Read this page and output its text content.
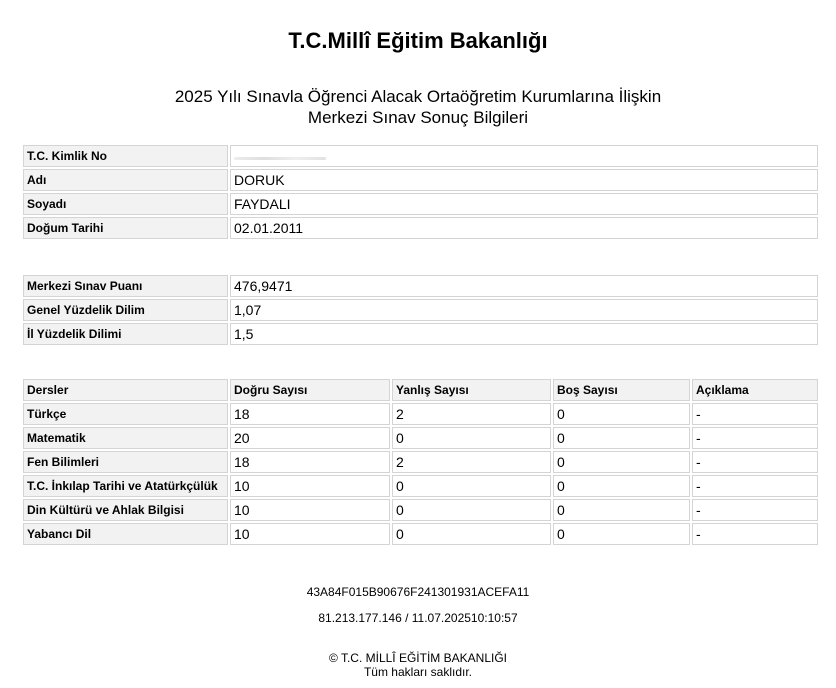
T.C.Millî Eğitim Bakanlığı
2025 Yılı Sınavla Öğrenci Alacak Ortaöğretim Kurumlarına İlişkin
Merkezi Sınav Sonuç Bilgileri
T.C. Kimlik No	
Adı	DORUK
Soyadı	FAYDALI
Doğum Tarihi	02.01.2011
Merkezi Sınav Puanı	476,9471
Genel Yüzdelik Dilim	1,07
İl Yüzdelik Dilimi	1,5
Dersler	Doğru Sayısı	Yanlış Sayısı	Boş Sayısı	Açıklama
Türkçe	18	2	0	-
Matematik	20	0	0	-
Fen Bilimleri	18	2	0	-
T.C. İnkılap Tarihi ve Atatürkçülük	10	0	0	-
Din Kültürü ve Ahlak Bilgisi	10	0	0	-
Yabancı Dil	10	0	0	-
43A84F015B90676F241301931ACEFA11
81.213.177.146 / 11.07.202510:10:57
© T.C. MİLLÎ EĞİTİM BAKANLIĞI
Tüm hakları saklıdır.
